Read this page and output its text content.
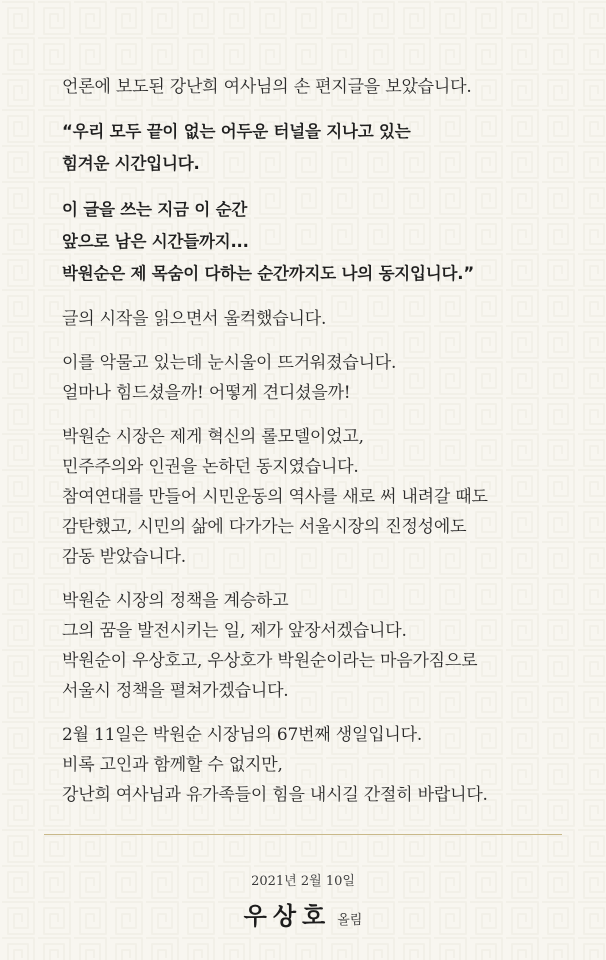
언론에 보도된 강난희 여사님의 손 편지글을 보았습니다.
“우리 모두 끝이 없는 어두운 터널을 지나고 있는
힘겨운 시간입니다.
이 글을 쓰는 지금 이 순간
앞으로 남은 시간들까지...
박원순은 제 목숨이 다하는 순간까지도 나의 동지입니다.”
글의 시작을 읽으면서 울컥했습니다.
이를 악물고 있는데 눈시울이 뜨거워졌습니다.
얼마나 힘드셨을까! 어떻게 견디셨을까!
박원순 시장은 제게 혁신의 롤모델이었고,
민주주의와 인권을 논하던 동지였습니다.
참여연대를 만들어 시민운동의 역사를 새로 써 내려갈 때도
감탄했고, 시민의 삶에 다가가는 서울시장의 진정성에도
감동 받았습니다.
박원순 시장의 정책을 계승하고
그의 꿈을 발전시키는 일, 제가 앞장서겠습니다.
박원순이 우상호고, 우상호가 박원순이라는 마음가짐으로
서울시 정책을 펼쳐가겠습니다.
2월 11일은 박원순 시장님의 67번째 생일입니다.
비록 고인과 함께할 수 없지만,
강난희 여사님과 유가족들이 힘을 내시길 간절히 바랍니다.
2021년 2월 10일
우상호 올림
